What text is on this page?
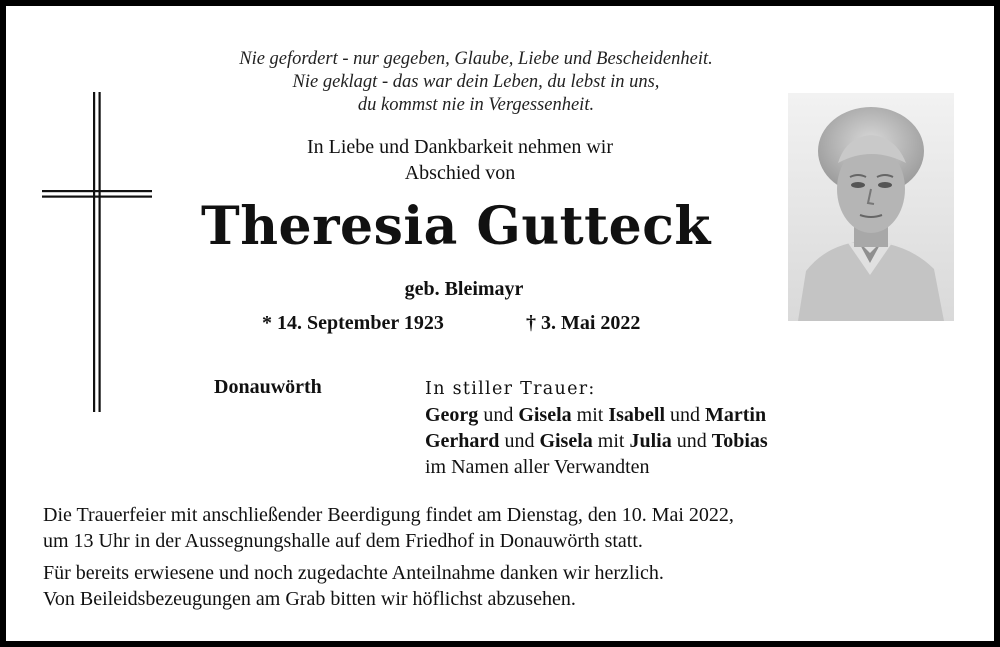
Nie gefordert - nur gegeben, Glaube, Liebe und Bescheidenheit.
Nie geklagt - das war dein Leben, du lebst in uns,
du kommst nie in Vergessenheit.
In Liebe und Dankbarkeit nehmen wir
Abschied von
Theresia Gutteck
geb. Bleimayr
* 14. September 1923	† 3. Mai 2022
Donauwörth	In stiller Trauer:
Georg und Gisela mit Isabell und Martin
Gerhard und Gisela mit Julia und Tobias
im Namen aller Verwandten

Die Trauerfeier mit anschließender Beerdigung findet am Dienstag, den 10. Mai 2022,

um 13 Uhr in der Aussegnungshalle auf dem Friedhof in Donauwörth statt.

Für bereits erwiesene und noch zugedachte Anteilnahme danken wir herzlich.

Von Beileidsbezeugungen am Grab bitten wir höflichst abzusehen.
